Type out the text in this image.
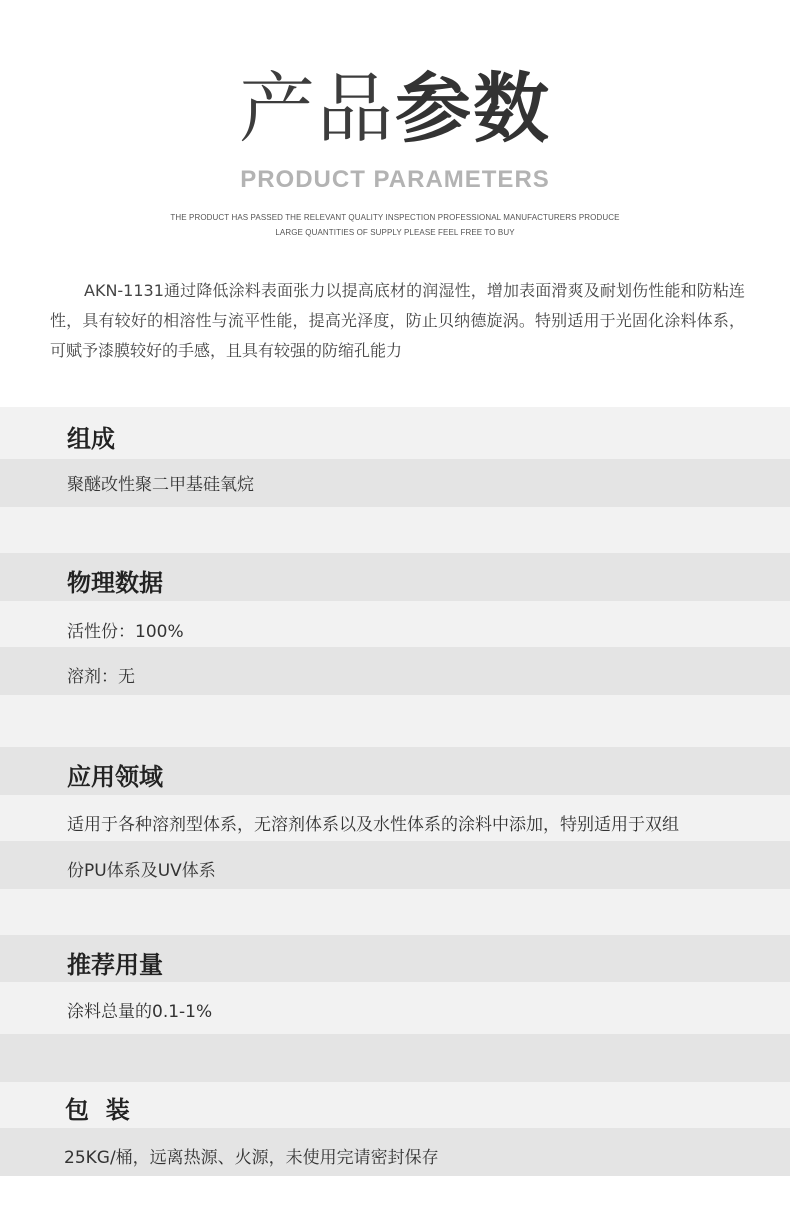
产品参数
PRODUCT PARAMETERS
THE PRODUCT HAS PASSED THE RELEVANT QUALITY INSPECTION PROFESSIONAL MANUFACTURERS PRODUCE LARGE QUANTITIES OF SUPPLY PLEASE FEEL FREE TO BUY

AKN-1131通过降低涂料表面张力以提高底材的润湿性，增加表面滑爽及耐划伤性能和防粘连性，具有较好的相溶性与流平性能，提高光泽度，防止贝纳德旋涡。特别适用于光固化涂料体系，可赋予漆膜较好的手感，且具有较强的防缩孔能力

组成
聚醚改性聚二甲基硅氧烷
物理数据
活性份：100%
溶剂：无
应用领域
适用于各种溶剂型体系，无溶剂体系以及水性体系的涂料中添加，特别适用于双组
份PU体系及UV体系
推荐用量
涂料总量的0.1-1%
包  装
25KG/桶，远离热源、火源，未使用完请密封保存
